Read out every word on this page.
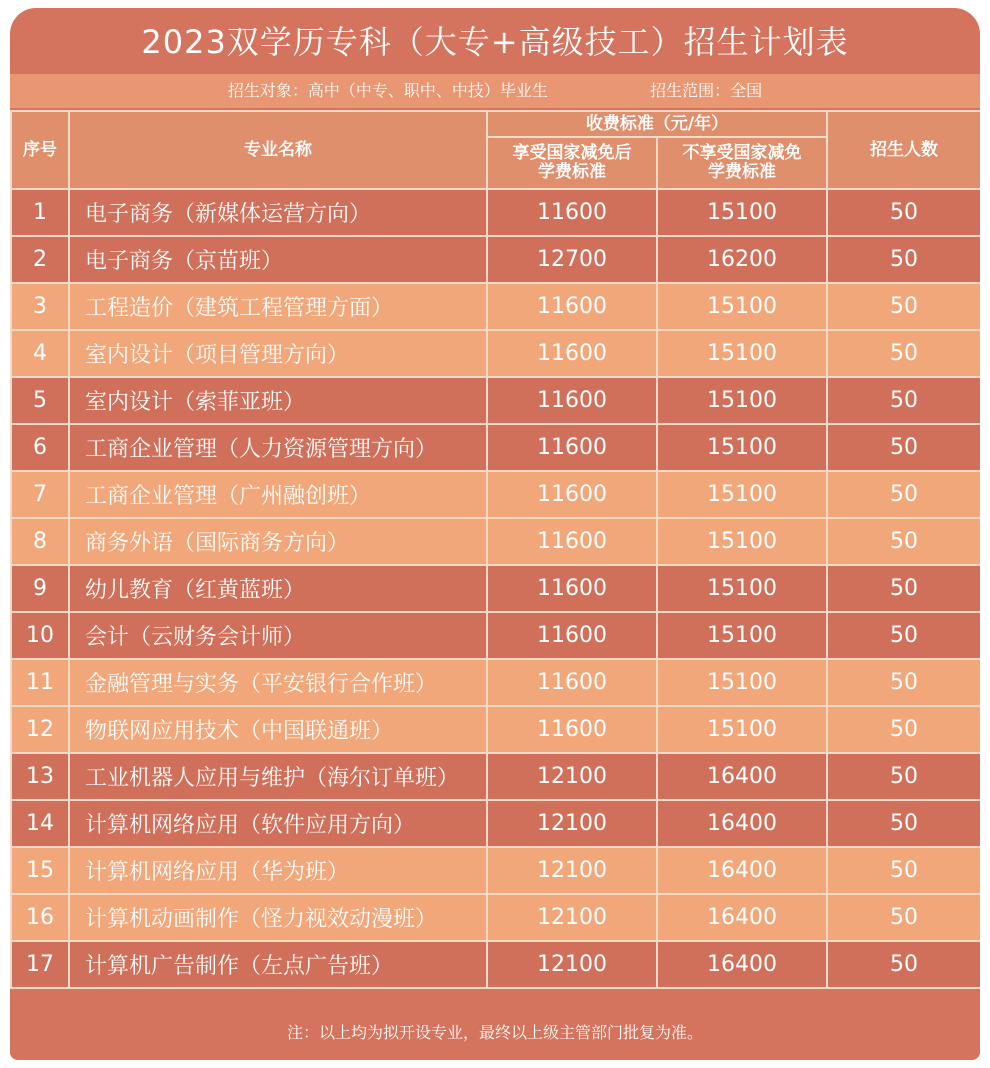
2023双学历专科（大专+高级技工）招生计划表
招生对象：高中（中专、职中、中技）毕业生	招生范围：全国
序号	专业名称	收费标准（元/年）		招生人数

		享受国家减免后学费标准	不享受国家减免学费标准	

1	电子商务（新媒体运营方向）	11600	15100	50
2	电子商务（京苗班）	12700	16200	50
3	工程造价（建筑工程管理方面）	11600	15100	50
4	室内设计（项目管理方向）	11600	15100	50
5	室内设计（索菲亚班）	11600	15100	50
6	工商企业管理（人力资源管理方向）	11600	15100	50
7	工商企业管理（广州融创班）	11600	15100	50
8	商务外语（国际商务方向）	11600	15100	50
9	幼儿教育（红黄蓝班）	11600	15100	50
10	会计（云财务会计师）	11600	15100	50
11	金融管理与实务（平安银行合作班）	11600	15100	50
12	物联网应用技术（中国联通班）	11600	15100	50
13	工业机器人应用与维护（海尔订单班）	12100	16400	50
14	计算机网络应用（软件应用方向）	12100	16400	50
15	计算机网络应用（华为班）	12100	16400	50
16	计算机动画制作（怪力视效动漫班）	12100	16400	50
17	计算机广告制作（左点广告班）	12100	16400	50
注：以上均为拟开设专业，最终以上级主管部门批复为准。
